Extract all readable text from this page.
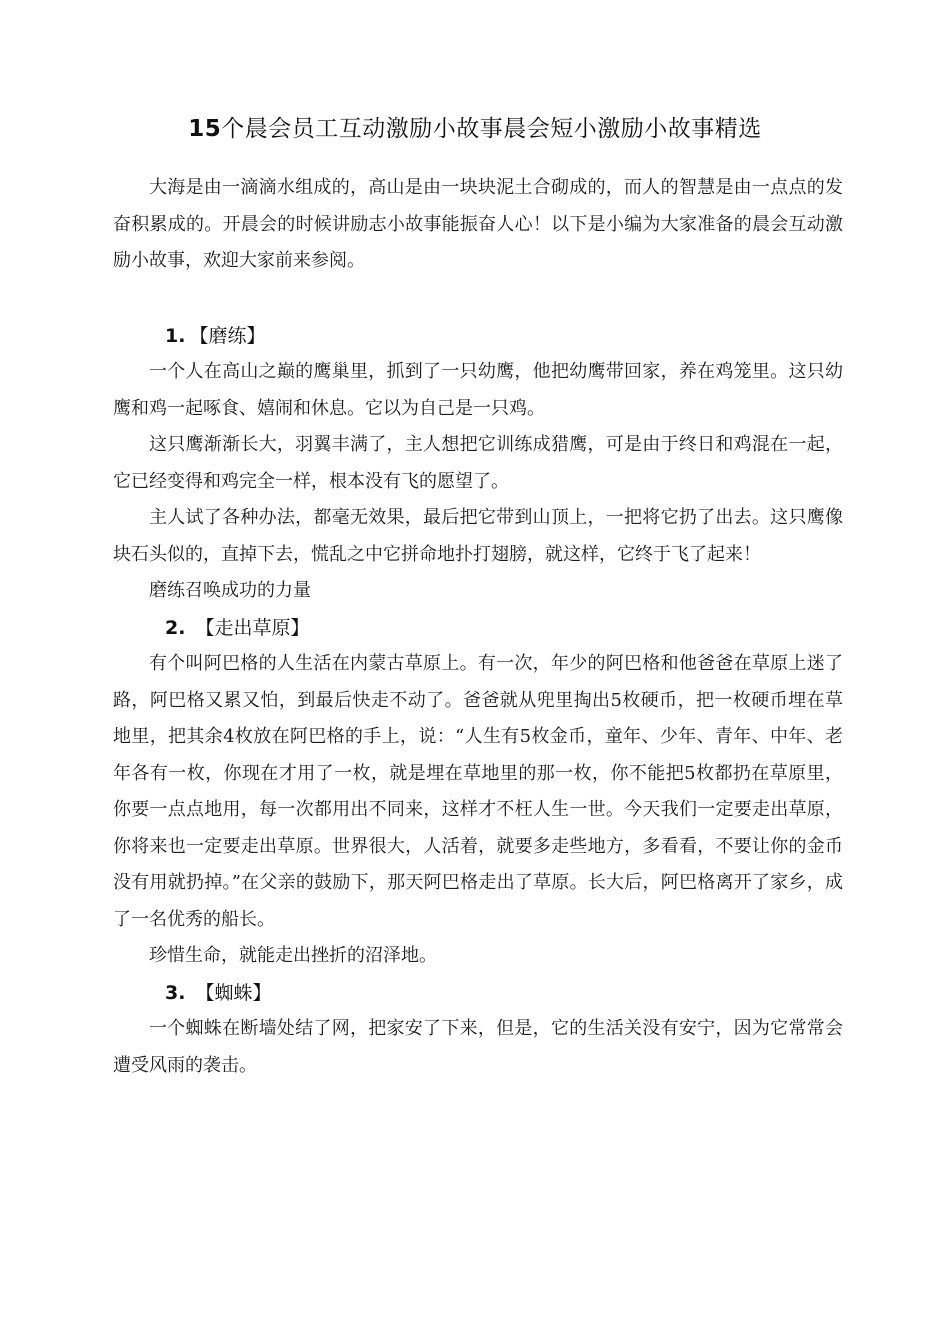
15个晨会员工互动激励小故事晨会短小激励小故事精选

大海是由一滴滴水组成的，高山是由一块块泥土合砌成的，而人的智慧是由一点点的发奋积累成的。开晨会的时候讲励志小故事能振奋人心！以下是小编为大家准备的晨会互动激励小故事，欢迎大家前来参阅。

1. 【磨练】

一个人在高山之巅的鹰巢里，抓到了一只幼鹰，他把幼鹰带回家，养在鸡笼里。这只幼鹰和鸡一起啄食、嬉闹和休息。它以为自己是一只鸡。

这只鹰渐渐长大，羽翼丰满了，主人想把它训练成猎鹰，可是由于终日和鸡混在一起，它已经变得和鸡完全一样，根本没有飞的愿望了。

主人试了各种办法，都毫无效果，最后把它带到山顶上，一把将它扔了出去。这只鹰像块石头似的，直掉下去，慌乱之中它拼命地扑打翅膀，就这样，它终于飞了起来！

磨练召唤成功的力量

2. 【走出草原】

有个叫阿巴格的人生活在内蒙古草原上。有一次，年少的阿巴格和他爸爸在草原上迷了路，阿巴格又累又怕，到最后快走不动了。爸爸就从兜里掏出5枚硬币，把一枚硬币埋在草地里，把其余4枚放在阿巴格的手上，说：“人生有5枚金币，童年、少年、青年、中年、老年各有一枚，你现在才用了一枚，就是埋在草地里的那一枚，你不能把5枚都扔在草原里，你要一点点地用，每一次都用出不同来，这样才不枉人生一世。今天我们一定要走出草原，你将来也一定要走出草原。世界很大，人活着，就要多走些地方，多看看，不要让你的金币没有用就扔掉。”在父亲的鼓励下，那天阿巴格走出了草原。长大后，阿巴格离开了家乡，成了一名优秀的船长。

珍惜生命，就能走出挫折的沼泽地。

3. 【蜘蛛】

一个蜘蛛在断墙处结了网，把家安了下来，但是，它的生活关没有安宁，因为它常常会遭受风雨的袭击。
